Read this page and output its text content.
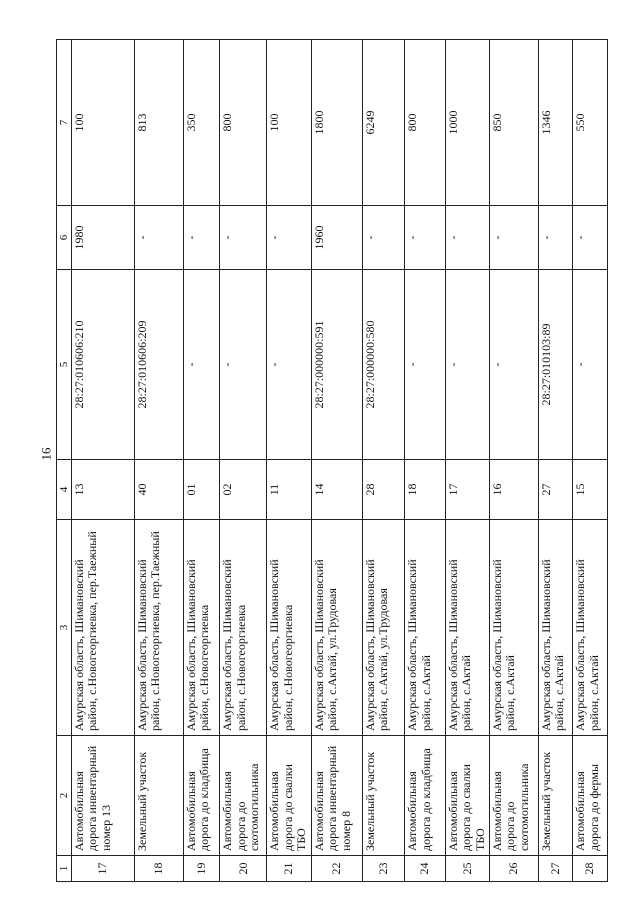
16
1	2	3	4	5	6	7
17	Автомобильная дорога инвентарный номер 13	Амурская область, Шимановский район, с.Новогеоргиевка, пер.Таежный	13	28:27:010606:210	1980	100
18	Земельный участок	Амурская область, Шимановский район, с.Новогеоргиевка, пер.Таежный	40	28:27:010606:209	-	813
19	Автомобильная дорога до кладбища	Амурская область, Шимановский район, с.Новогеоргиевка	01	-	-	350
20	Автомобильная дорога до скотомогильника	Амурская область, Шимановский район, с.Новогеоргиевка	02	-	-	800
21	Автомобильная дорога до свалки ТБО	Амурская область, Шимановский район, с.Новогеоргиевка	11	-	-	100
22	Автомобильная дорога инвентарный номер 8	Амурская область, Шимановский район, с.Актай, ул.Трудовая	14	28:27:000000:591	1960	1800
23	Земельный участок	Амурская область, Шимановский район, с.Актай, ул.Трудовая	28	28:27:000000:580	-	6249
24	Автомобильная дорога до кладбища	Амурская область, Шимановский район, с.Актай	18	-	-	800
25	Автомобильная дорога до свалки ТБО	Амурская область, Шимановский район, с.Актай	17	-	-	1000
26	Автомобильная дорога до скотомогильника	Амурская область, Шимановский район, с.Актай	16	-	-	850
27	Земельный участок	Амурская область, Шимановский район, с.Актай	27	28:27:010103:89	-	1346
28	Автомобильная дорога до фермы	Амурская область, Шимановский район, с.Актай	15	-	-	550
